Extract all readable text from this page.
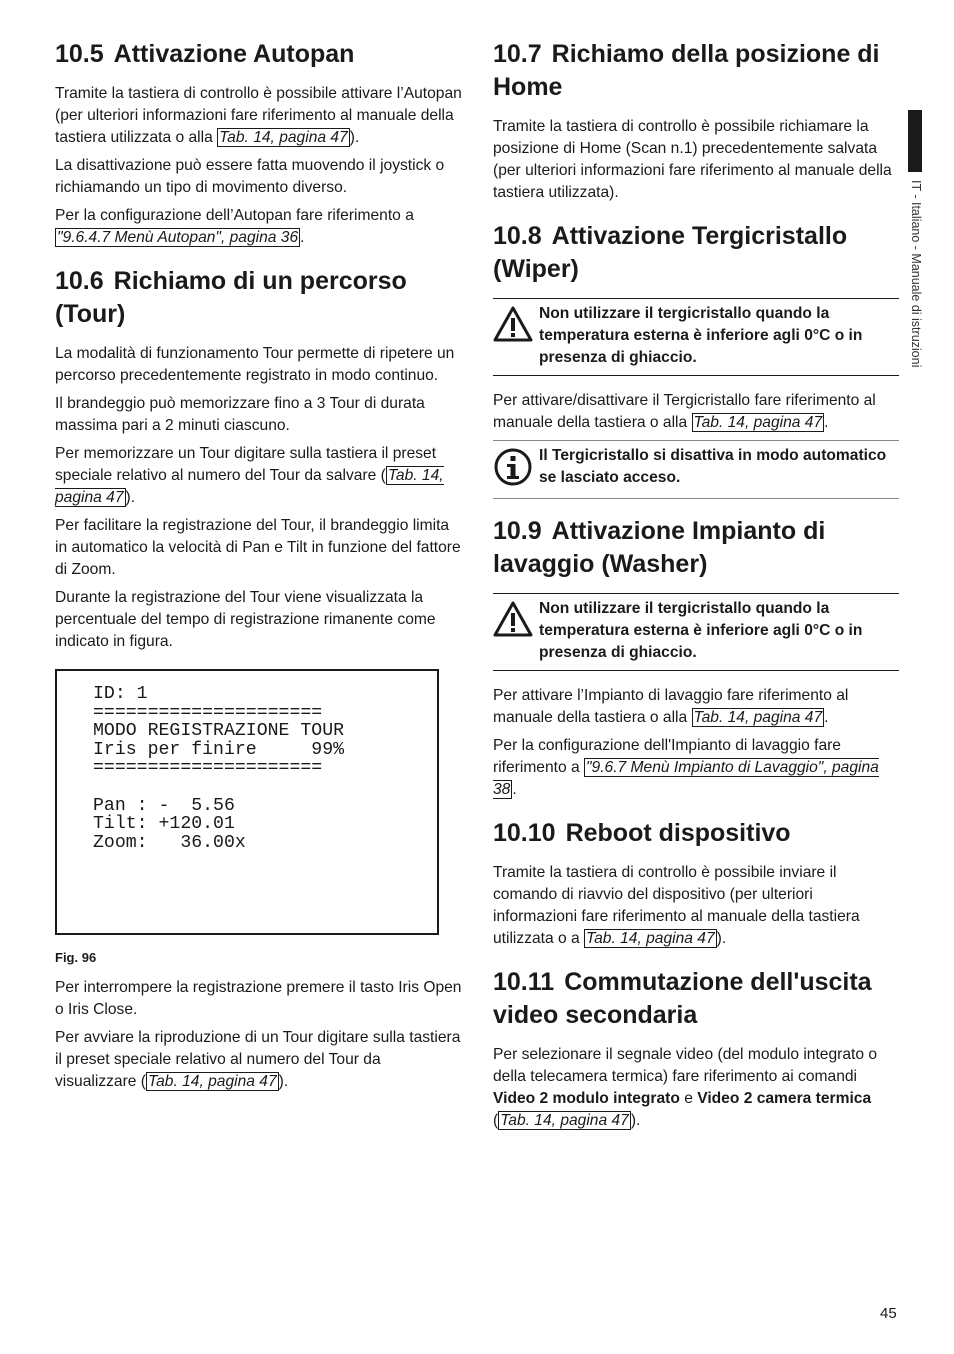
IT - Italiano - Manuale di istruzioni
10.5 Attivazione Autopan

Tramite la tastiera di controllo è possibile attivare l’Autopan (per ulteriori informazioni fare riferimento al manuale della tastiera utilizzata o alla Tab. 14, pagina 47 ).

La disattivazione può essere fatta muovendo il joystick o richiamando un tipo di movimento diverso.

Per la configurazione dell’Autopan fare riferimento a "9.6.4.7 Menù Autopan", pagina 36 .

10.6 Richiamo di un percorso (Tour)

La modalità di funzionamento Tour permette di ripetere un percorso precedentemente registrato in modo continuo.

Il brandeggio può memorizzare fino a 3 Tour di durata massima pari a 2 minuti ciascuno.

Per memorizzare un Tour digitare sulla tastiera il preset speciale relativo al numero del Tour da salvare ( Tab. 14, pagina 47 ).

Per facilitare la registrazione del Tour, il brandeggio limita in automatico la velocità di Pan e Tilt in funzione del fattore di Zoom.

Durante la registrazione del Tour viene visualizzata la percentuale del tempo di registrazione rimanente come indicato in figura.

ID: 1
=====================
MODO REGISTRAZIONE TOUR
Iris per finire     99%
=====================

Pan : -  5.56
Tilt: +120.01
Zoom:   36.00x
Fig. 96

Per interrompere la registrazione premere il tasto Iris Open o Iris Close.

Per avviare la riproduzione di un Tour digitare sulla tastiera il preset speciale relativo al numero del Tour da visualizzare ( Tab. 14, pagina 47 ).

10.7 Richiamo della posizione di Home

Tramite la tastiera di controllo è possibile richiamare la posizione di Home (Scan n.1) precedentemente salvata (per ulteriori informazioni fare riferimento al manuale della tastiera utilizzata).

10.8 Attivazione Tergicristallo (Wiper)
Non utilizzare il tergicristallo quando la temperatura esterna è inferiore agli 0°C o in presenza di ghiaccio.

Per attivare/disattivare il Tergicristallo fare riferimento al manuale della tastiera o alla Tab. 14, pagina 47 .

Il Tergicristallo si disattiva in modo automatico se lasciato acceso.
10.9 Attivazione Impianto di lavaggio (Washer)
Non utilizzare il tergicristallo quando la temperatura esterna è inferiore agli 0°C o in presenza di ghiaccio.

Per attivare l’Impianto di lavaggio fare riferimento al manuale della tastiera o alla Tab. 14, pagina 47 .

Per la configurazione dell'Impianto di lavaggio fare riferimento a "9.6.7 Menù Impianto di Lavaggio", pagina 38 .

10.10 Reboot dispositivo

Tramite la tastiera di controllo è possibile inviare il comando di riavvio del dispositivo (per ulteriori informazioni fare riferimento al manuale della tastiera utilizzata o a Tab. 14, pagina 47 ).

10.11 Commutazione dell'uscita video secondaria

Per selezionare il segnale video (del modulo integrato o della telecamera termica) fare riferimento ai comandi Video 2 modulo integrato e Video 2 camera termica ( Tab. 14, pagina 47 ).

45
